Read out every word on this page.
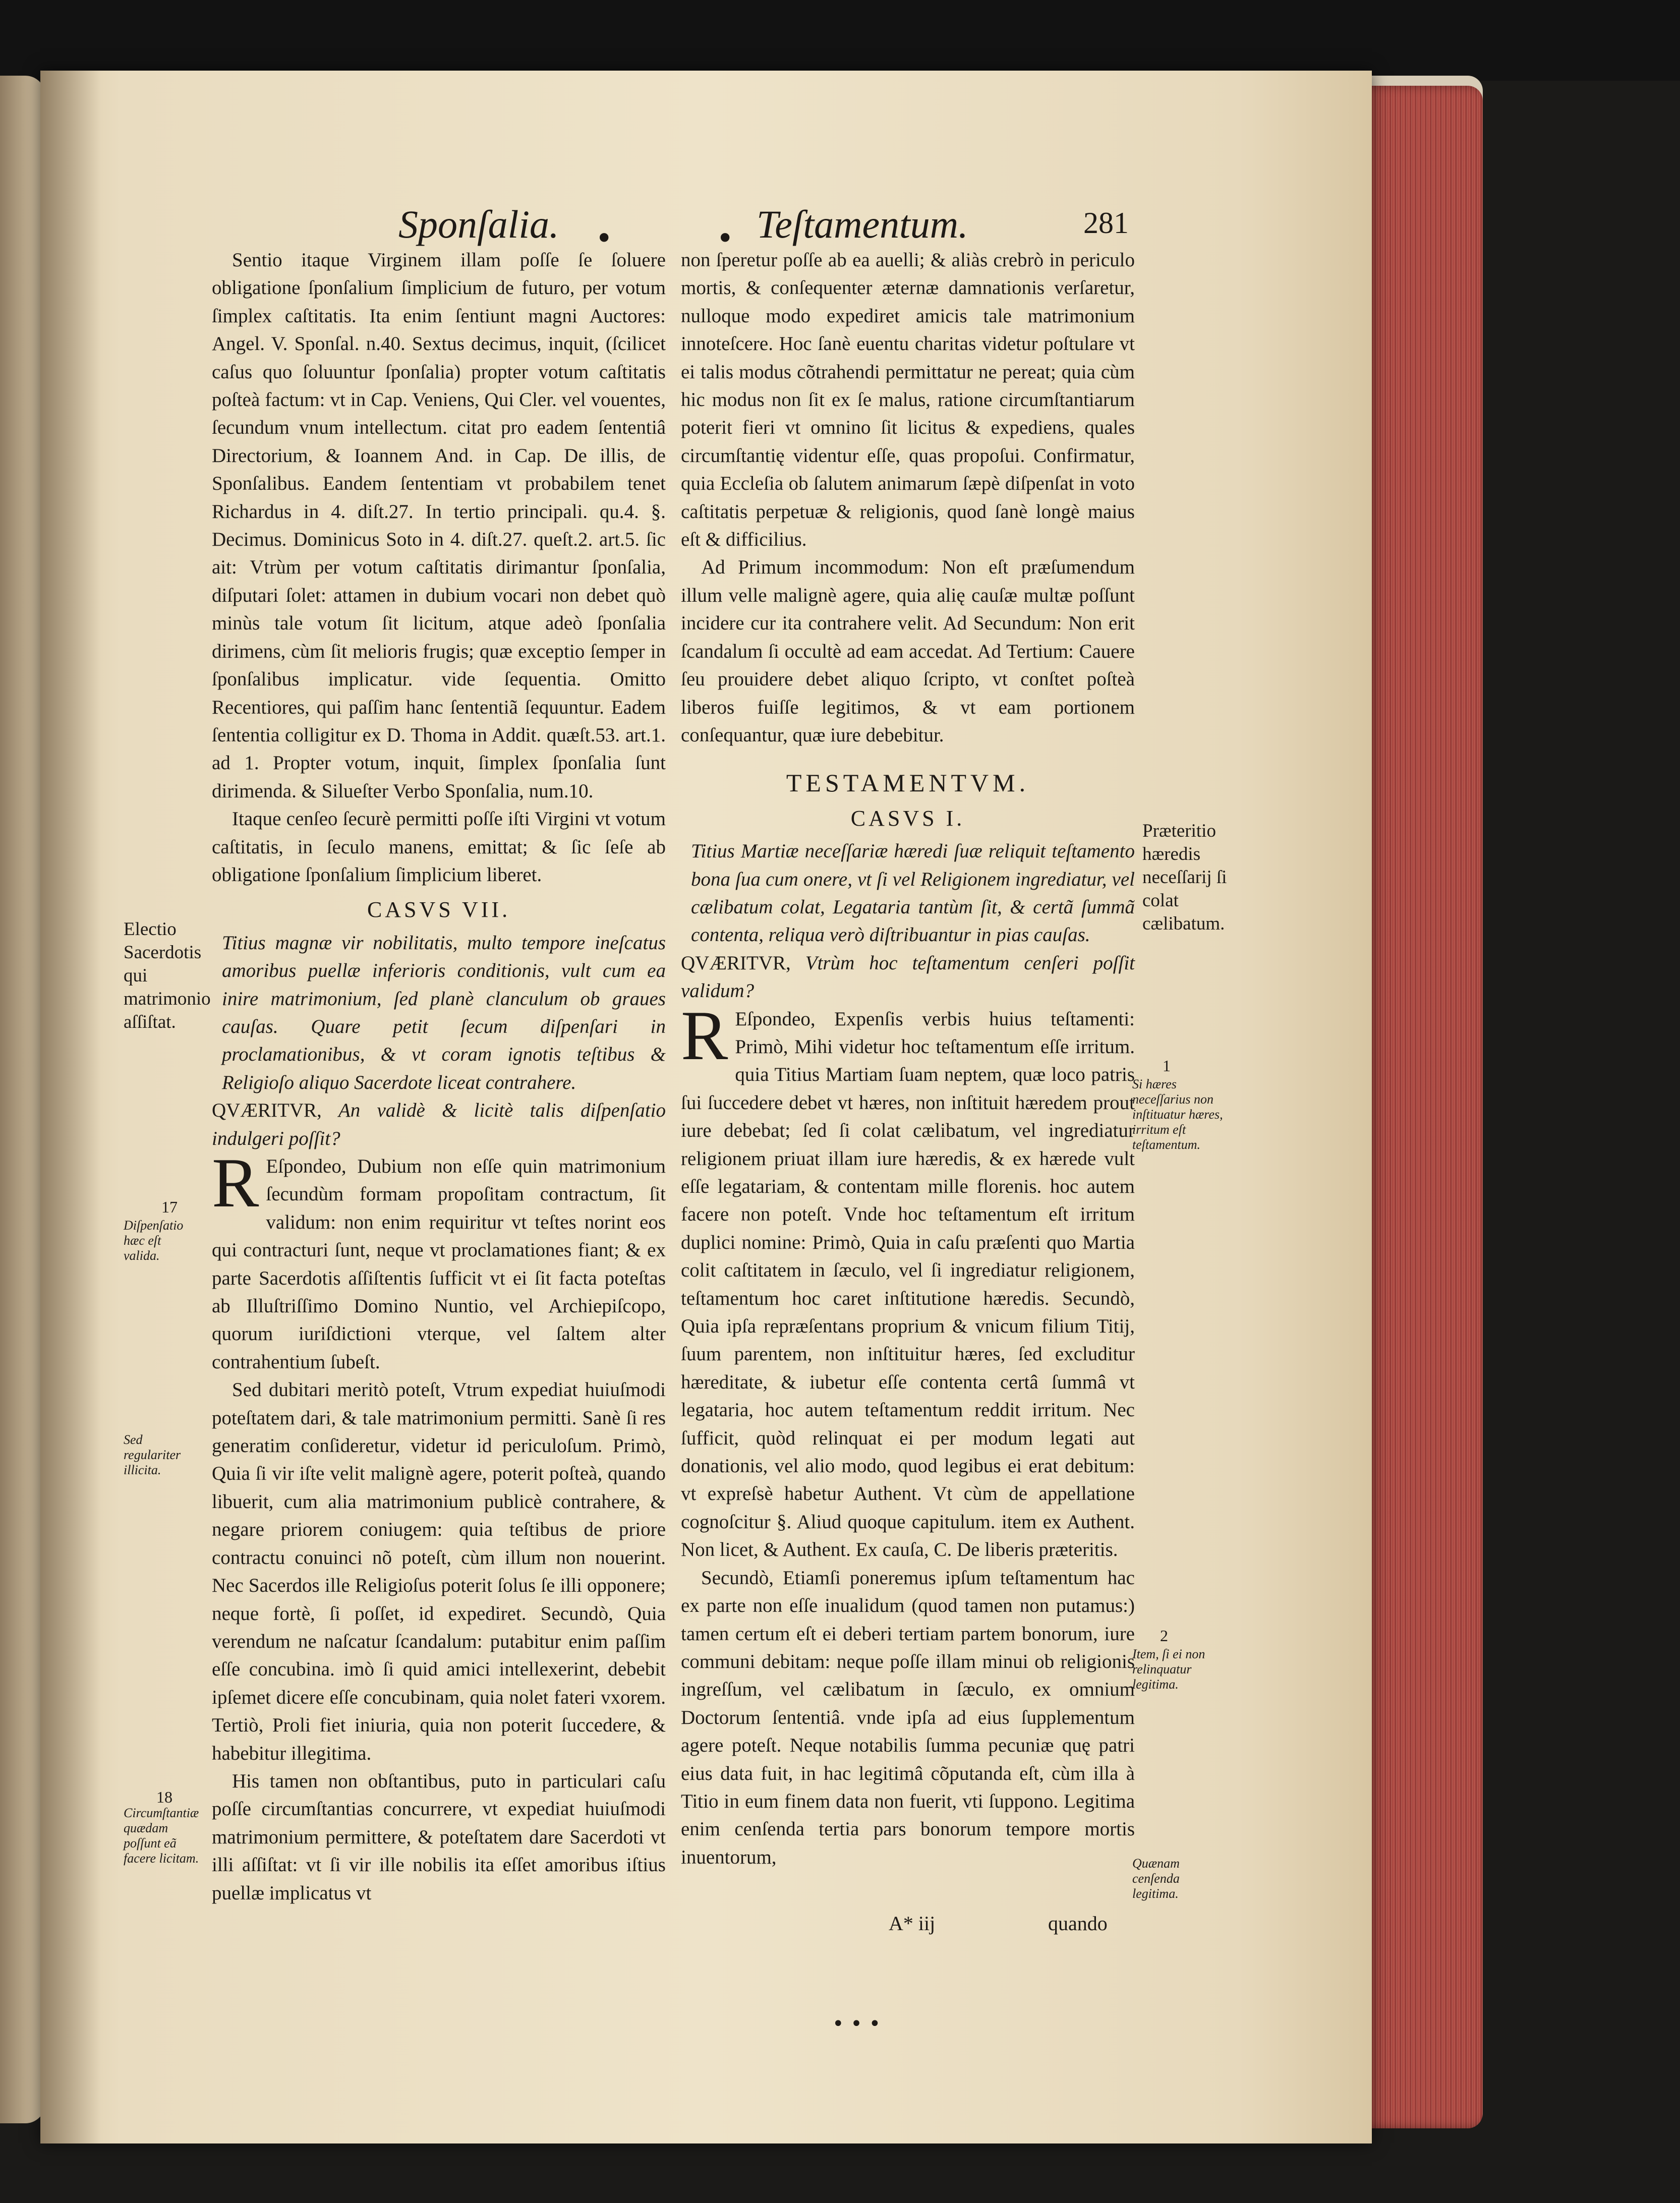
Sponſalia. •	• Teſtamentum.	281

Sentio itaque Virginem illam poſſe ſe ſoluere obligatione ſponſalium ſimplicium de futuro, per votum ſimplex caſtitatis. Ita enim ſentiunt magni Auctores: Angel. V. Sponſal. n.40. Sextus decimus, inquit, (ſcilicet caſus quo ſoluuntur ſponſalia) propter votum caſtitatis poſteà factum: vt in Cap. Veniens, Qui Cler. vel vouentes, ſecundum vnum intellectum. citat pro eadem ſententiâ Directorium, & Ioannem And. in Cap. De illis, de Sponſalibus. Eandem ſententiam vt probabilem tenet Richardus in 4. diſt.27. In tertio principali. qu.4. §. Decimus. Dominicus Soto in 4. diſt.27. queſt.2. art.5. ſic ait: Vtrùm per votum caſtitatis dirimantur ſponſalia, diſputari ſolet: attamen in dubium vocari non debet quò minùs tale votum ſit licitum, atque adeò ſponſalia dirimens, cùm ſit melioris frugis; quæ exceptio ſemper in ſponſalibus implicatur. vide ſequentia. Omitto Recentiores, qui paſſim hanc ſententiã ſequuntur. Eadem ſententia colligitur ex D. Thoma in Addit. quæſt.53. art.1. ad 1. Propter votum, inquit, ſimplex ſponſalia ſunt dirimenda. & Silueſter Verbo Sponſalia, num.10.

Itaque cenſeo ſecurè permitti poſſe iſti Virgini vt votum caſtitatis, in ſeculo manens, emittat; & ſic ſeſe ab obligatione ſponſalium ſimplicium liberet.

CASVS VII.

Titius magnæ vir nobilitatis, multo tempore ineſcatus amoribus puellæ inferioris conditionis, vult cum ea inire matrimonium, ſed planè clanculum ob graues cauſas. Quare petit ſecum diſpenſari in proclamationibus, & vt coram ignotis teſtibus & Religioſo aliquo Sacerdote liceat contrahere.

QVÆRITVR, An validè & licitè talis diſpenſatio indulgeri poſſit?

R Eſpondeo, Dubium non eſſe quin matrimonium ſecundùm formam propoſitam contractum, ſit validum: non enim requiritur vt teſtes norint eos qui contracturi ſunt, neque vt proclamationes fiant; & ex parte Sacerdotis aſſiſtentis ſufficit vt ei ſit facta poteſtas ab Illuſtriſſimo Domino Nuntio, vel Archiepiſcopo, quorum iuriſdictioni vterque, vel ſaltem alter contrahentium ſubeſt.

Sed dubitari meritò poteſt, Vtrum expediat huiuſmodi poteſtatem dari, & tale matrimonium permitti. Sanè ſi res generatim conſideretur, videtur id periculoſum. Primò, Quia ſi vir iſte velit malignè agere, poterit poſteà, quando libuerit, cum alia matrimonium publicè contrahere, & negare priorem coniugem: quia teſtibus de priore contractu conuinci nõ poteſt, cùm illum non nouerint. Nec Sacerdos ille Religioſus poterit ſolus ſe illi opponere; neque fortè, ſi poſſet, id expediret. Secundò, Quia verendum ne naſcatur ſcandalum: putabitur enim paſſim eſſe concubina. imò ſi quid amici intellexerint, debebit ipſemet dicere eſſe concubinam, quia nolet fateri vxorem. Tertiò, Proli fiet iniuria, quia non poterit ſuccedere, & habebitur illegitima.

His tamen non obſtantibus, puto in particulari caſu poſſe circumſtantias concurrere, vt expediat huiuſmodi matrimonium permittere, & poteſtatem dare Sacerdoti vt illi aſſiſtat: vt ſi vir ille nobilis ita eſſet amoribus iſtius puellæ implicatus vt

non ſperetur poſſe ab ea auelli; & aliàs crebrò in periculo mortis, & conſequenter æternæ damnationis verſaretur, nulloque modo expediret amicis tale matrimonium innoteſcere. Hoc ſanè euentu charitas videtur poſtulare vt ei talis modus cõtrahendi permittatur ne pereat; quia cùm hic modus non ſit ex ſe malus, ratione circumſtantiarum poterit fieri vt omnino ſit licitus & expediens, quales circumſtantię videntur eſſe, quas propoſui. Confirmatur, quia Eccleſia ob ſalutem animarum ſæpè diſpenſat in voto caſtitatis perpetuæ & religionis, quod ſanè longè maius eſt & difficilius.

Ad Primum incommodum: Non eſt præſumendum illum velle malignè agere, quia alię cauſæ multæ poſſunt incidere cur ita contrahere velit. Ad Secundum: Non erit ſcandalum ſi occultè ad eam accedat. Ad Tertium: Cauere ſeu prouidere debet aliquo ſcripto, vt conſtet poſteà liberos fuiſſe legitimos, & vt eam portionem conſequantur, quæ iure debebitur.

TESTAMENTVM.
CASVS I.

Titius Martiæ neceſſariæ hæredi ſuæ reliquit teſtamento bona ſua cum onere, vt ſi vel Religionem ingrediatur, vel cælibatum colat, Legataria tantùm ſit, & certã ſummã contenta, reliqua verò diſtribuantur in pias cauſas.

QVÆRITVR, Vtrùm hoc teſtamentum cenſeri poſſit validum?

R Eſpondeo, Expenſis verbis huius teſtamenti: Primò, Mihi videtur hoc teſtamentum eſſe irritum. quia Titius Martiam ſuam neptem, quæ loco patris ſui ſuccedere debet vt hæres, non inſtituit hæredem prout iure debebat; ſed ſi colat cælibatum, vel ingrediatur religionem priuat illam iure hæredis, & ex hærede vult eſſe legatariam, & contentam mille florenis. hoc autem facere non poteſt. Vnde hoc teſtamentum eſt irritum duplici nomine: Primò, Quia in caſu præſenti quo Martia colit caſtitatem in ſæculo, vel ſi ingrediatur religionem, teſtamentum hoc caret inſtitutione hæredis. Secundò, Quia ipſa repræſentans proprium & vnicum filium Titij, ſuum parentem, non inſtituitur hæres, ſed excluditur hæreditate, & iubetur eſſe contenta certâ ſummâ vt legataria, hoc autem teſtamentum reddit irritum. Nec ſufficit, quòd relinquat ei per modum legati aut donationis, vel alio modo, quod legibus ei erat debitum: vt expreſsè habetur Authent. Vt cùm de appellatione cognoſcitur §. Aliud quoque capitulum. item ex Authent. Non licet, & Authent. Ex cauſa, C. De liberis præteritis.

Secundò, Etiamſi poneremus ipſum teſtamentum hac ex parte non eſſe inualidum (quod tamen non putamus:) tamen certum eſt ei deberi tertiam partem bonorum, iure communi debitam: neque poſſe illam minui ob religionis ingreſſum, vel cælibatum in ſæculo, ex omnium Doctorum ſententiâ. vnde ipſa ad eius ſupplementum agere poteſt. Neque notabilis ſumma pecuniæ quę patri eius data fuit, in hac legitimâ cõputanda eſt, cùm illa à Titio in eum finem data non fuerit, vti ſuppono. Legitima enim cenſenda tertia pars bonorum tempore mortis inuentorum,

Electio Sacerdotis qui matrimonio aſſiſtat.
17
Diſpenſatio hæc eſt valida.
Sed regulariter illicita.
18
Circumſtantiæ quædam poſſunt eã facere licitam.
Præteritio hæredis neceſſarij ſi colat cælibatum.
1
Si hæres neceſſarius non inſtituatur hæres, irritum eſt teſtamentum.
2
Item, ſi ei non relinquatur legitima.
Quænam cenſenda legitima.
A* iij	quando
• • •
